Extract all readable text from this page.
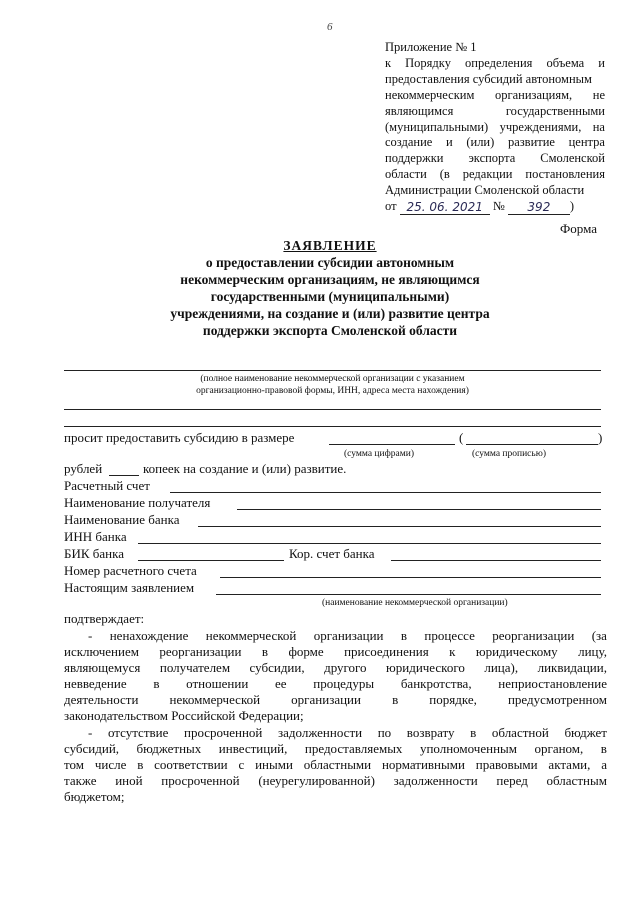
6
Приложение № 1
к Порядку определения объема и
предоставления субсидий автономным
некоммерческим организациям, не
являющимся	государственными
(муниципальными) учреждениями, на
создание и (или) развитие центра
поддержки экспорта Смоленской
области (в редакции постановления
Администрации Смоленской области
от
25. 06. 2021
№
	392	)
Форма
ЗАЯВЛЕНИЕ
о предоставлении субсидии автономным
некоммерческим организациям, не являющимся
государственными (муниципальными)
учреждениями, на создание и (или) развитие центра
поддержки экспорта Смоленской области
(полное наименование некоммерческой организации с указанием
организационно-правовой формы, ИНН, адреса места нахождения)
просит предоставить субсидию в размере	(	)
(сумма цифрами)	(сумма прописью)
рублей	копеек на создание и (или) развитие.
Расчетный счет
Наименование получателя
Наименование банка
ИНН банка
БИК банка	Кор. счет банка
Номер расчетного счета
Настоящим заявлением
(наименование некоммерческой организации)
подтверждает:
- ненахождение некоммерческой организации в процессе реорганизации (за
исключением реорганизации в форме присоединения к юридическому лицу,
являющемуся получателем субсидии, другого юридического лица), ликвидации,
невведение в отношении ее процедуры банкротства, неприостановление
деятельности некоммерческой организации в порядке, предусмотренном
законодательством Российской Федерации;
- отсутствие просроченной задолженности по возврату в областной бюджет
субсидий, бюджетных инвестиций, предоставляемых уполномоченным органом, в
том числе в соответствии с иными областными нормативными правовыми актами, а
также иной просроченной (неурегулированной) задолженности перед областным
бюджетом;
